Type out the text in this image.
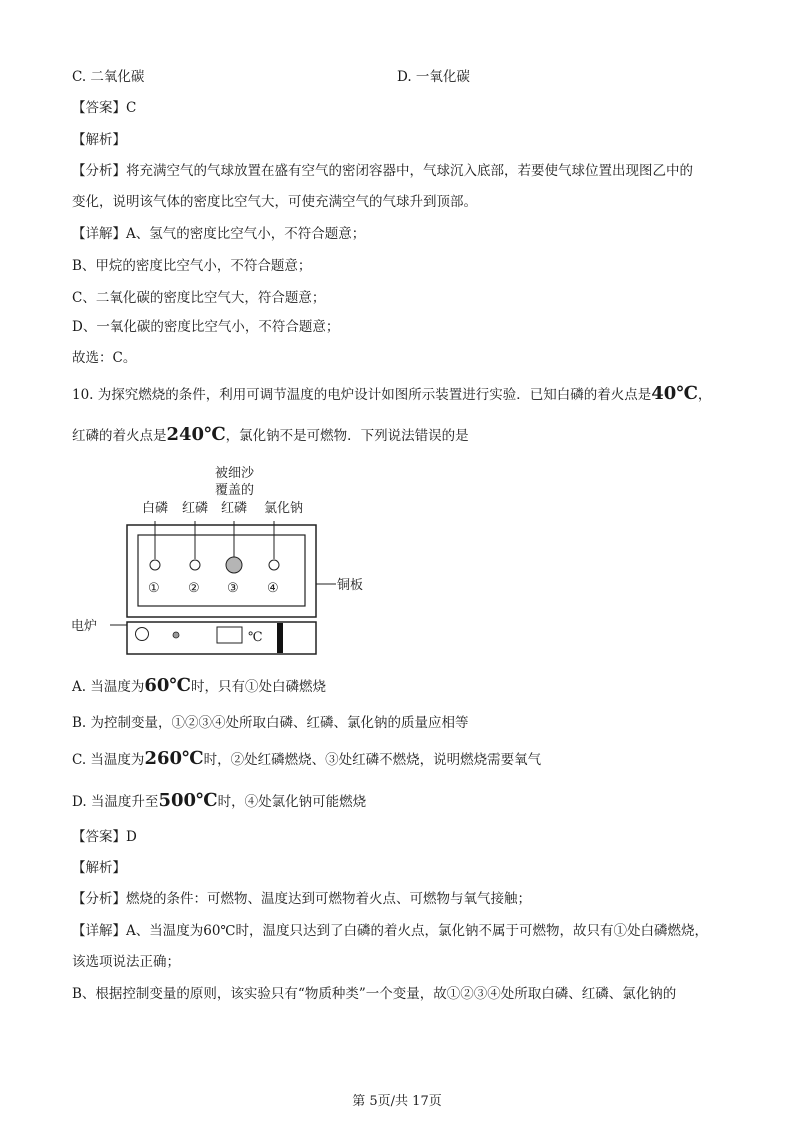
C. 二氧化碳	D. 一氧化碳
【答案】C
【解析】
【分析】将充满空气的气球放置在盛有空气的密闭容器中，气球沉入底部，若要使气球位置出现图乙中的
变化，说明该气体的密度比空气大，可使充满空气的气球升到顶部。
【详解】A、氢气的密度比空气小，不符合题意；
B、甲烷的密度比空气小，不符合题意；
C、二氧化碳的密度比空气大，符合题意；
D、一氧化碳的密度比空气小，不符合题意；
故选：C。
10. 为探究燃烧的条件，利用可调节温度的电炉设计如图所示装置进行实验．已知白磷的着火点是40℃，
红磷的着火点是240℃，氯化钠不是可燃物．下列说法错误的是
被细沙
覆盖的
白磷 红磷 红磷 氯化钠
① ② ③ ④	铜板
电炉
℃
A. 当温度为60℃时，只有①处白磷燃烧
B. 为控制变量，①②③④处所取白磷、红磷、氯化钠的质量应相等
C. 当温度为260℃时，②处红磷燃烧、③处红磷不燃烧，说明燃烧需要氧气
D. 当温度升至500℃时，④处氯化钠可能燃烧
【答案】D
【解析】
【分析】燃烧的条件：可燃物、温度达到可燃物着火点、可燃物与氧气接触；
【详解】A、当温度为60℃时，温度只达到了白磷的着火点，氯化钠不属于可燃物，故只有①处白磷燃烧，
该选项说法正确；
B、根据控制变量的原则，该实验只有“物质种类”一个变量，故①②③④处所取白磷、红磷、氯化钠的
第 5页/共 17页
